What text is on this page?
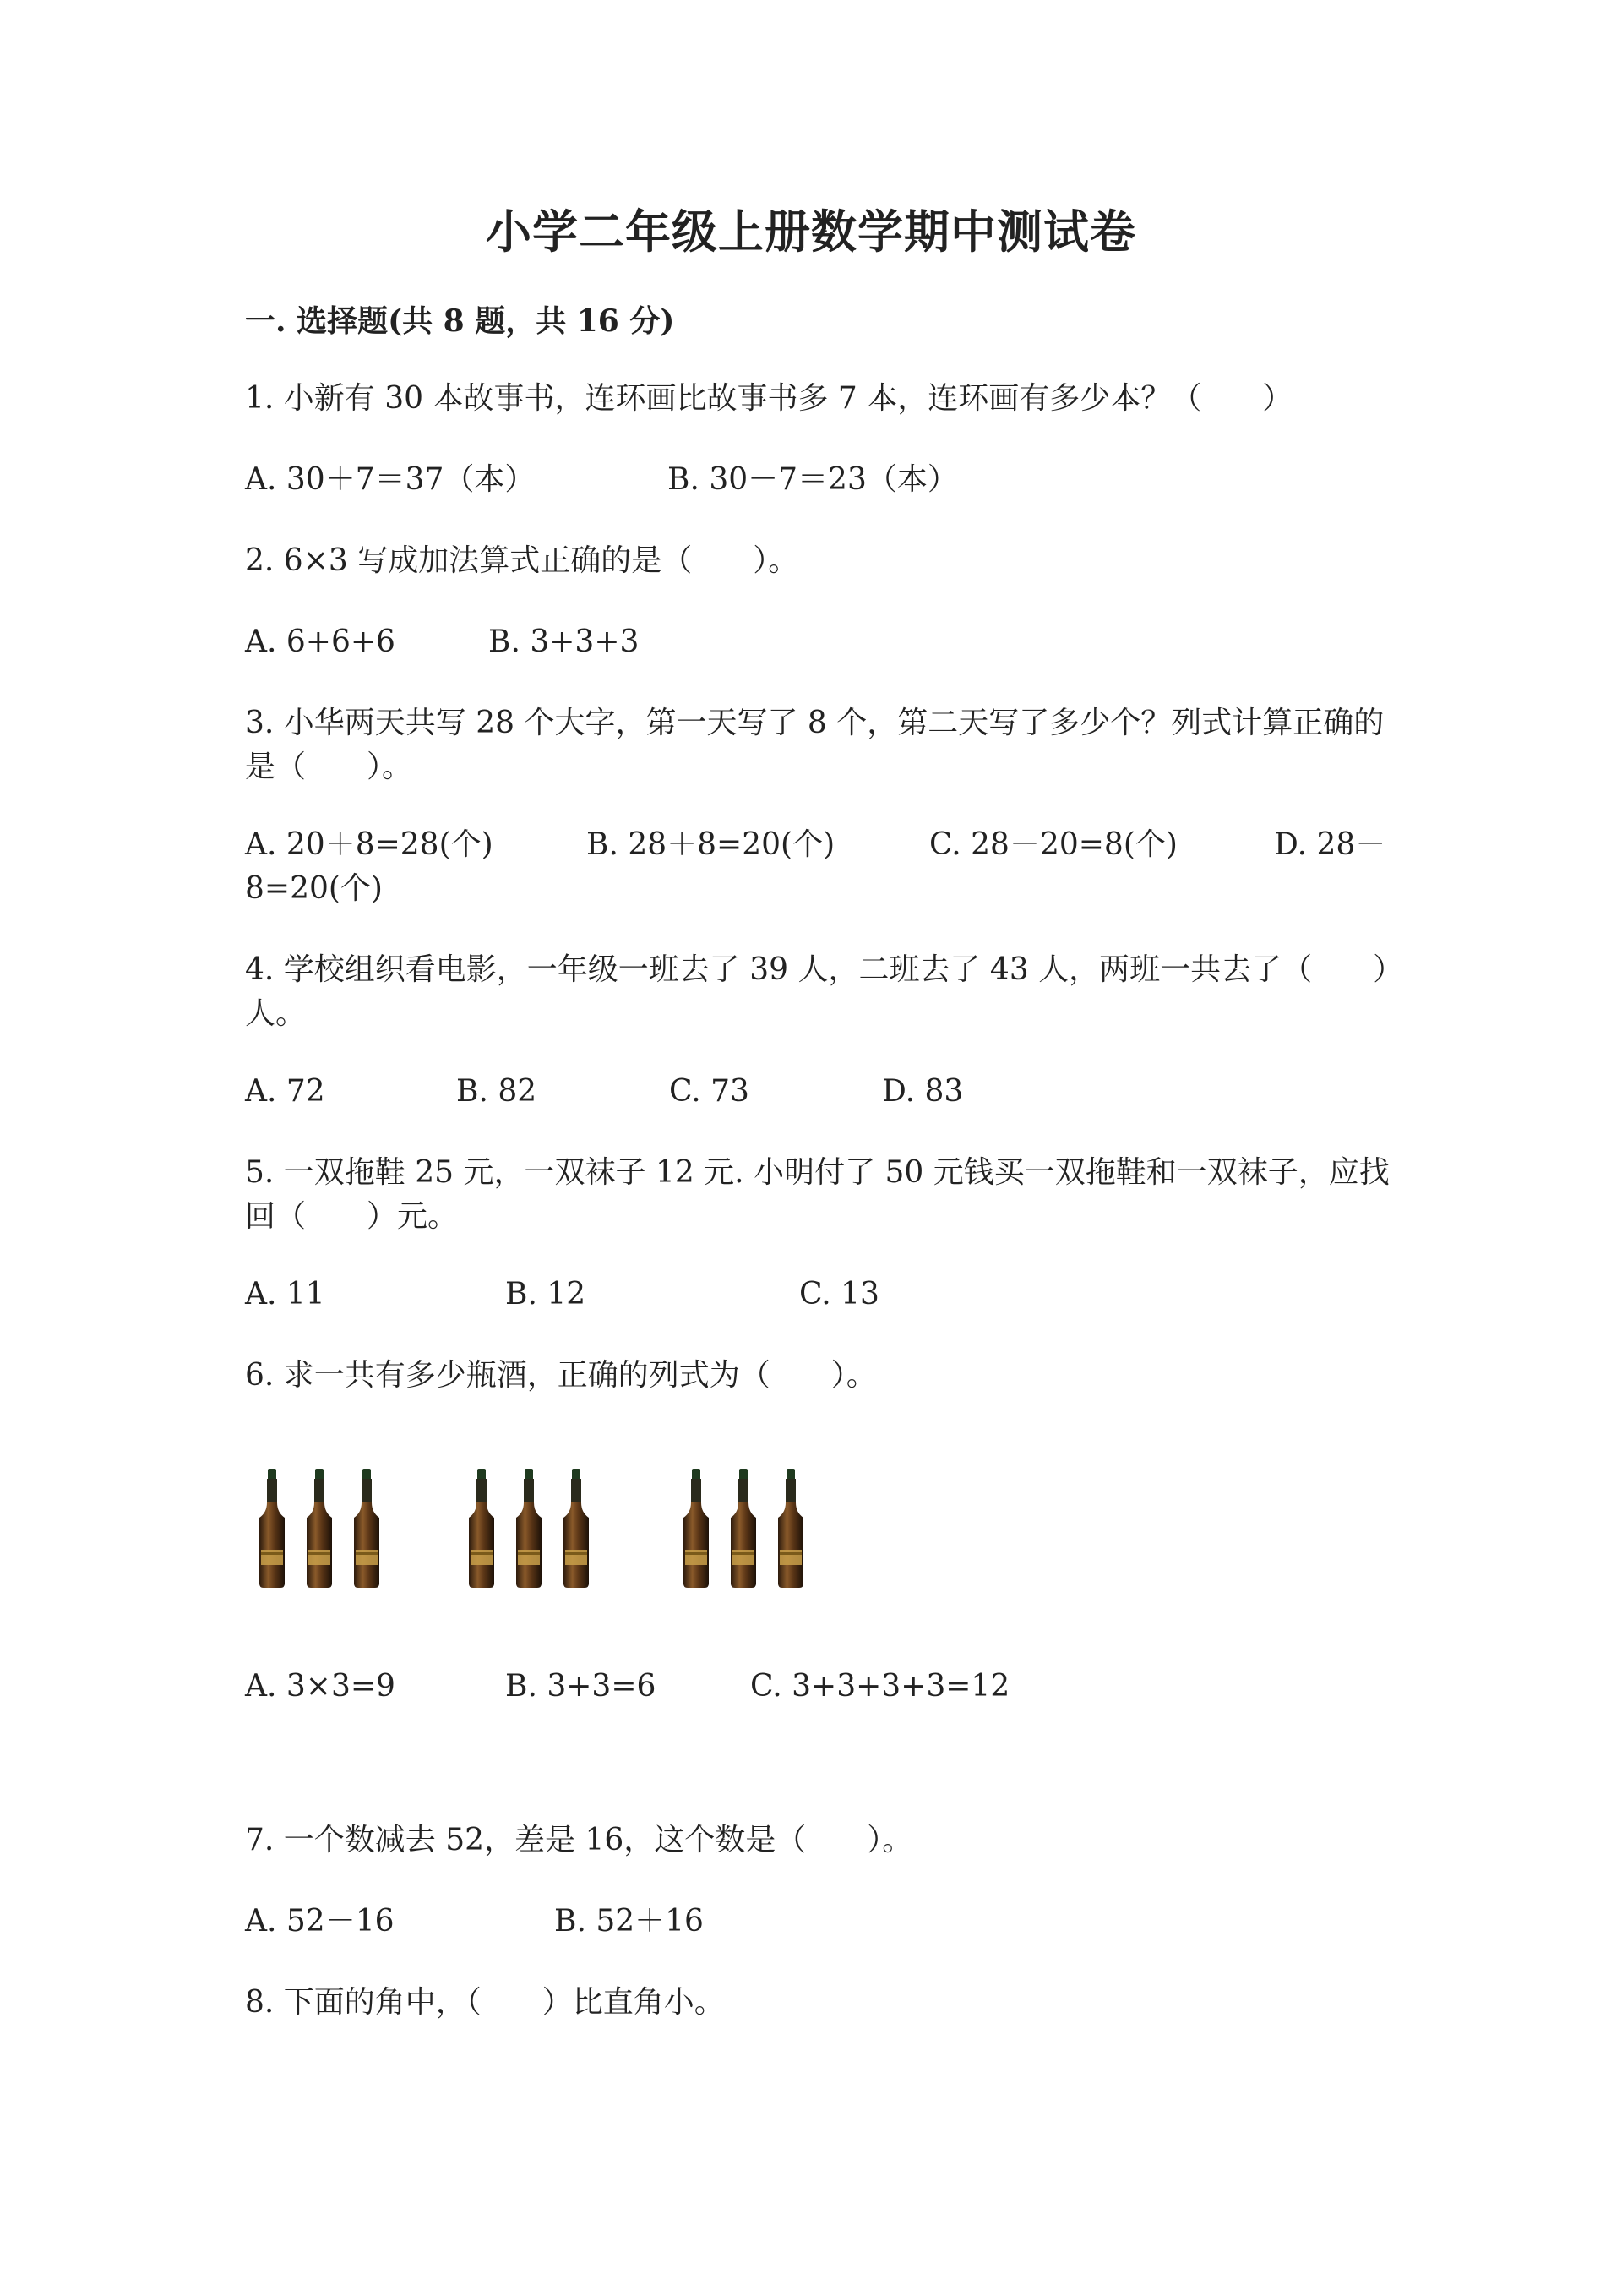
小学二年级上册数学期中测试卷
一. 选择题(共 8 题，共 16 分)

1. 小新有 30 本故事书，连环画比故事书多 7 本，连环画有多少本？（　　）

A. 30＋7＝37（本）	B. 30－7＝23（本）

2. 6×3 写成加法算式正确的是（　　）。

A. 6+6+6	B. 3+3+3

3. 小华两天共写 28 个大字，第一天写了 8 个，第二天写了多少个？列式计算正确的是（　　）。

A. 20＋8=28(个)	B. 28＋8=20(个)	C. 28－20=8(个)	D. 28－

8=20(个)

4. 学校组织看电影，一年级一班去了 39 人，二班去了 43 人，两班一共去了（　　）人。

A. 72	B. 82	C. 73	D. 83

5. 一双拖鞋 25 元，一双袜子 12 元. 小明付了 50 元钱买一双拖鞋和一双袜子，应找回（　　）元。

A. 11	B. 12	C. 13

6. 求一共有多少瓶酒，正确的列式为（　　）。

A. 3×3=9	B. 3+3=6	C. 3+3+3+3=12

7. 一个数减去 52，差是 16，这个数是（　　）。

A. 52－16	B. 52＋16

8. 下面的角中，（　　）比直角小。
